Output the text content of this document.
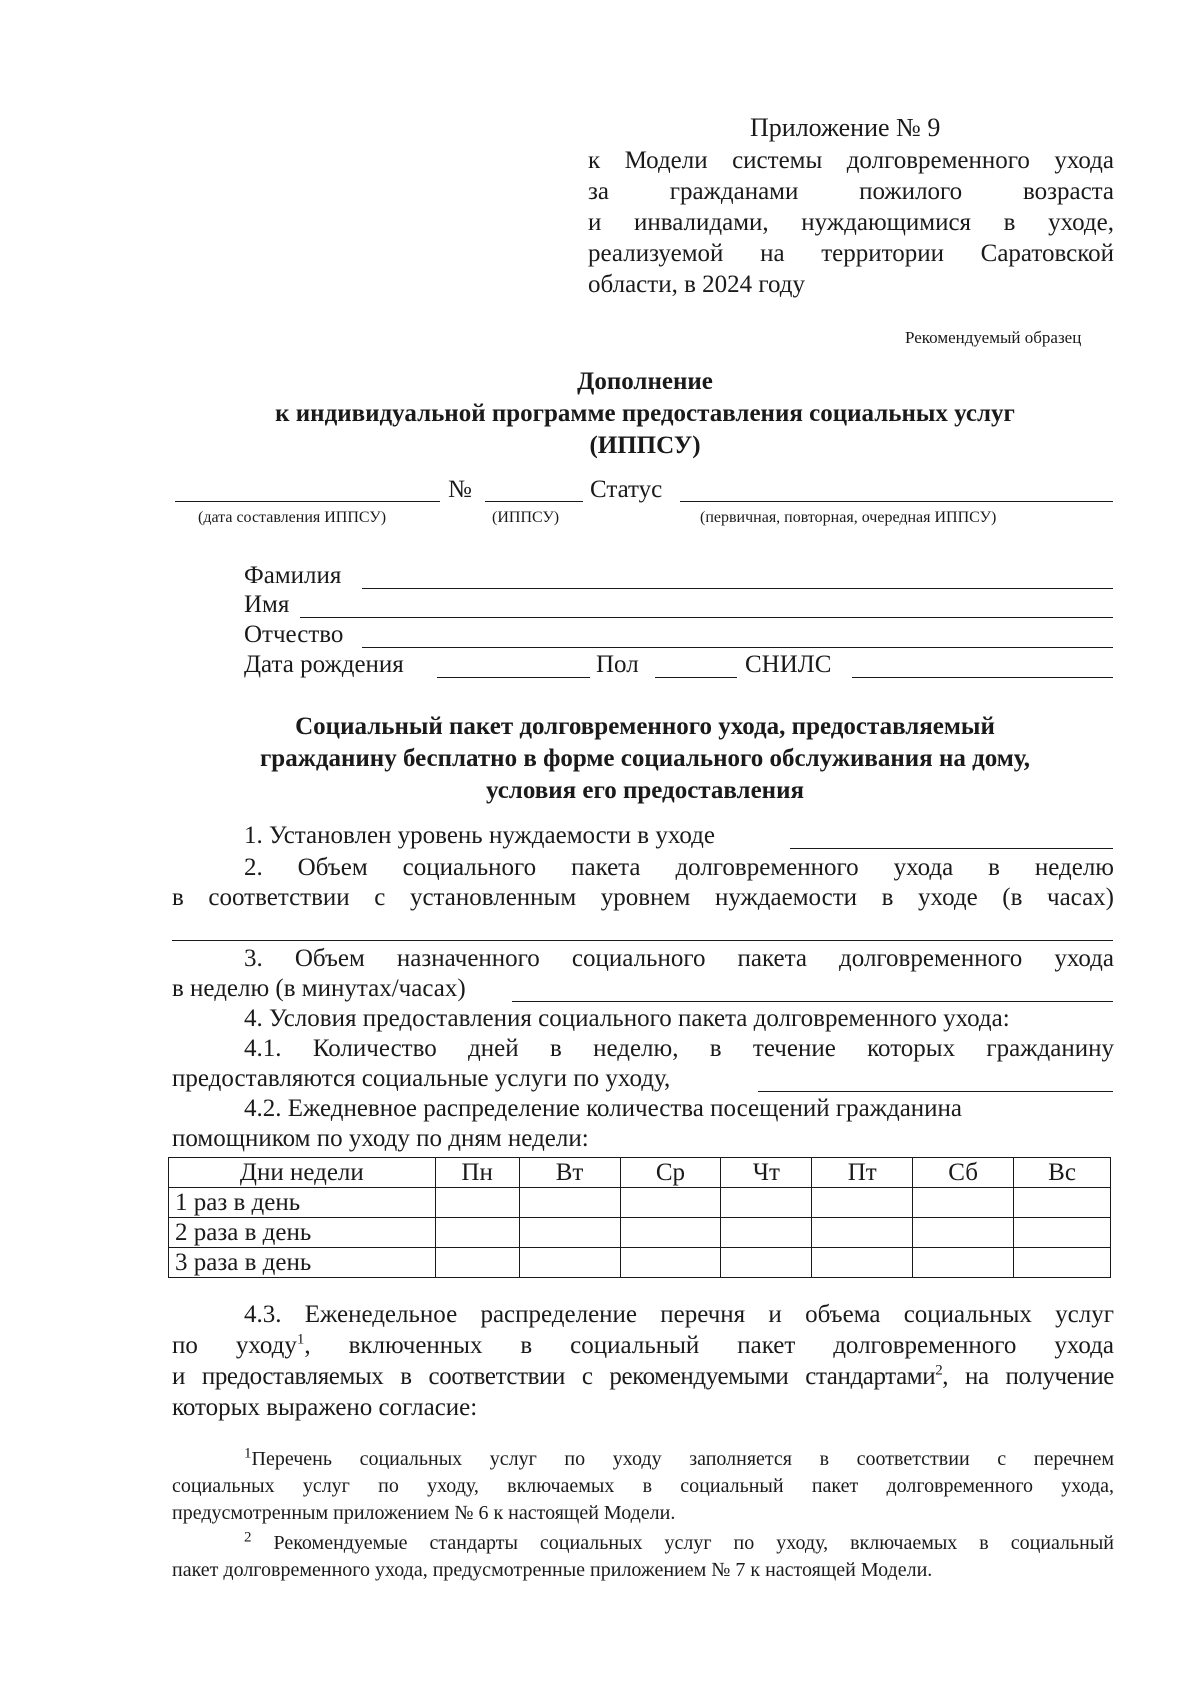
Приложение № 9
к Модели системы долговременного ухода
за гражданами пожилого возраста
и инвалидами, нуждающимися в уходе,
реализуемой на территории Саратовской
области, в 2024 году
Рекомендуемый образец
Дополнение
к индивидуальной программе предоставления социальных услуг
(ИППСУ)
№	Статус
(дата составления ИППСУ)	(ИППСУ)	(первичная, повторная, очередная ИППСУ)
Фамилия
Имя
Отчество
Дата рождения	Пол	СНИЛС
Социальный пакет долговременного ухода, предоставляемый
гражданину бесплатно в форме социального обслуживания на дому,
условия его предоставления
1. Установлен уровень нуждаемости в уходе
2. Объем социального пакета долговременного ухода в неделю
в соответствии с установленным уровнем нуждаемости в уходе (в часах)
3. Объем назначенного социального пакета долговременного ухода
в неделю (в минутах/часах)
4. Условия предоставления социального пакета долговременного ухода:
4.1. Количество дней в неделю, в течение которых гражданину
предоставляются социальные услуги по уходу,
4.2. Ежедневное распределение количества посещений гражданина
помощником по уходу по дням недели:
Дни недели	Пн	Вт	Ср	Чт	Пт	Сб	Вс
1 раз в день							
2 раза в день							
3 раза в день							
4.3. Еженедельное распределение перечня и объема социальных услуг
по уходу$^1$, включенных в социальный пакет долговременного ухода
и предоставляемых в соответствии с рекомендуемыми стандартами$^2$, на получение
которых выражено согласие:
$^1$Перечень социальных услуг по уходу заполняется в соответствии с перечнем
социальных услуг по уходу, включаемых в социальный пакет долговременного ухода,
предусмотренным приложением № 6 к настоящей Модели.
$^2$ Рекомендуемые стандарты социальных услуг по уходу, включаемых в социальный
пакет долговременного ухода, предусмотренные приложением № 7 к настоящей Модели.
